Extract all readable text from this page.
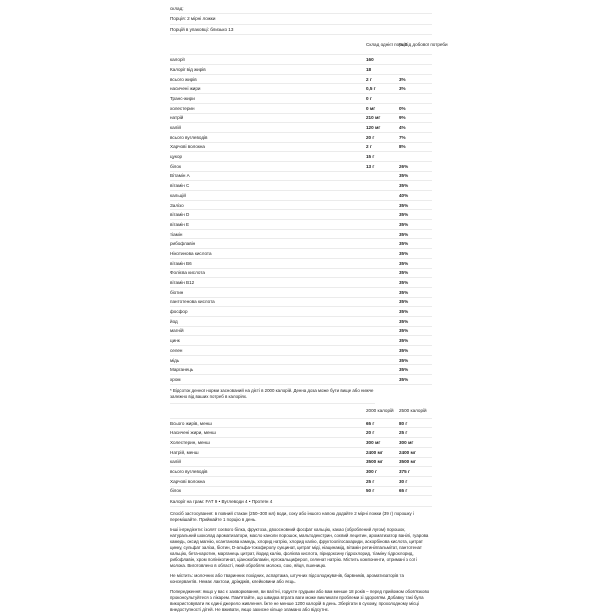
склад:
Порція: 2 мірні ложки
Порцій в упаковці: близько 13
Склад однієї порції
% Від добової потреби
калорії	160
Калорії від жирів	18
всього жирів	2 г	3%
насичені жири	0,5 г	3%
Транс-жири	0 г
холестерин	0 мг	0%
натрій	210 мг	9%
калій	120 мг	4%
всього вуглеводів	20 г	7%
Харчові волокна	2 г	8%
цукор	15 г
білок	13 г	26%
Вітамін А	35%
вітамін С	35%
кальцій	40%
Залізо	35%
вітамін D	35%
вітамін E	35%
тіамін	35%
рибофлавін	35%
Нікотинова кислота	35%
вітамін В6	35%
Фолієва кислота	35%
вітамін В12	35%
біотин	35%
пантотенова кислота	35%
фосфор	35%
йод	35%
магній	35%
цинк	35%
селен	35%
мідь	35%
Марганець	35%
хром	35%
* Відсоток денної норми заснований на дієті в 2000 калорій. Денна доза може бути вище або нижче залежно від ваших потреб в калоріях.
2000 калорій	2500 калорій
Всього жирів, менш	65 г	80 г
Насичені жири, менш	20 г	25 г
Холестерин, менш	300 мг	300 мг
Натрій, менш	2400 мг	2400 мг
калій	3500 мг	3500 мг
всього вуглеводів	300 г	375 г
Харчові волокна	25 г	30 г
білок	50 г	65 г
Калорії на грам: FAT 9 • Вуглеводи 4 • Протеїн 4

Спосіб застосування: в повний стакан (250–300 мл) води, соку або іншого напою додайте 2 мірні ложки (39 г) порошку і перемішайте. Приймайте 1 порцію в день.

Інші інгредієнти: ізолят соєвого білка, фруктоза, двоосновний фосфат кальцію, какао (оброблений лугом) порошок, натуральний шоколад ароматизатори, масло каноли порошок, мальтодекстрин, соєвий лецитин, ароматизатор ванілі, гуарова камедь, оксид магнію, ксантанова камедь, хлорид натрію, хлорид калію, фруктоолігосахариди, аскорбінова кислота, цитрат цинку, сульфат заліза, біотин, D-альфа-токоферолу сукцинат, цитрат міді, ніацинамід, вітамін ретинілпальмітат, пантотенат кальцію, бета-каротин, марганець цитрат, йодид калію, фолієва кислота, піридоксину гідрохлорид, тіаміну гідрохлорид, рибофлавін, хром полінікотинат, ціанокобаламін, ергокальциферол, селенат натрію. Містить компоненти, отримані з сої і молока. Виготовлено в області, який обробляє молоко, сою, яйця, пшеницю.

Не містить: молочних або тваринних похідних, аспартама, штучних підсолоджувачів, барвників, ароматизаторів та консервантів. Немає лактози, дріжджів, клейковини або яєць.

Попередження: якщо у вас є захворювання, ви вагітні, годуєте грудьми або вам менше 18 років – перед прийомом обов'язково проконсультуйтеся з лікарем. Пам'ятайте, що швидка втрата ваги може викликати проблеми зі здоров'ям. Добавку такі була використовувати як єдині джерело живлення. Їжте не менше 1200 калорій в день. Зберігати в сухому, прохолодному місці внедоступності дітей. Не вживати, якщо захисне кільце зламано або відсутнє.
